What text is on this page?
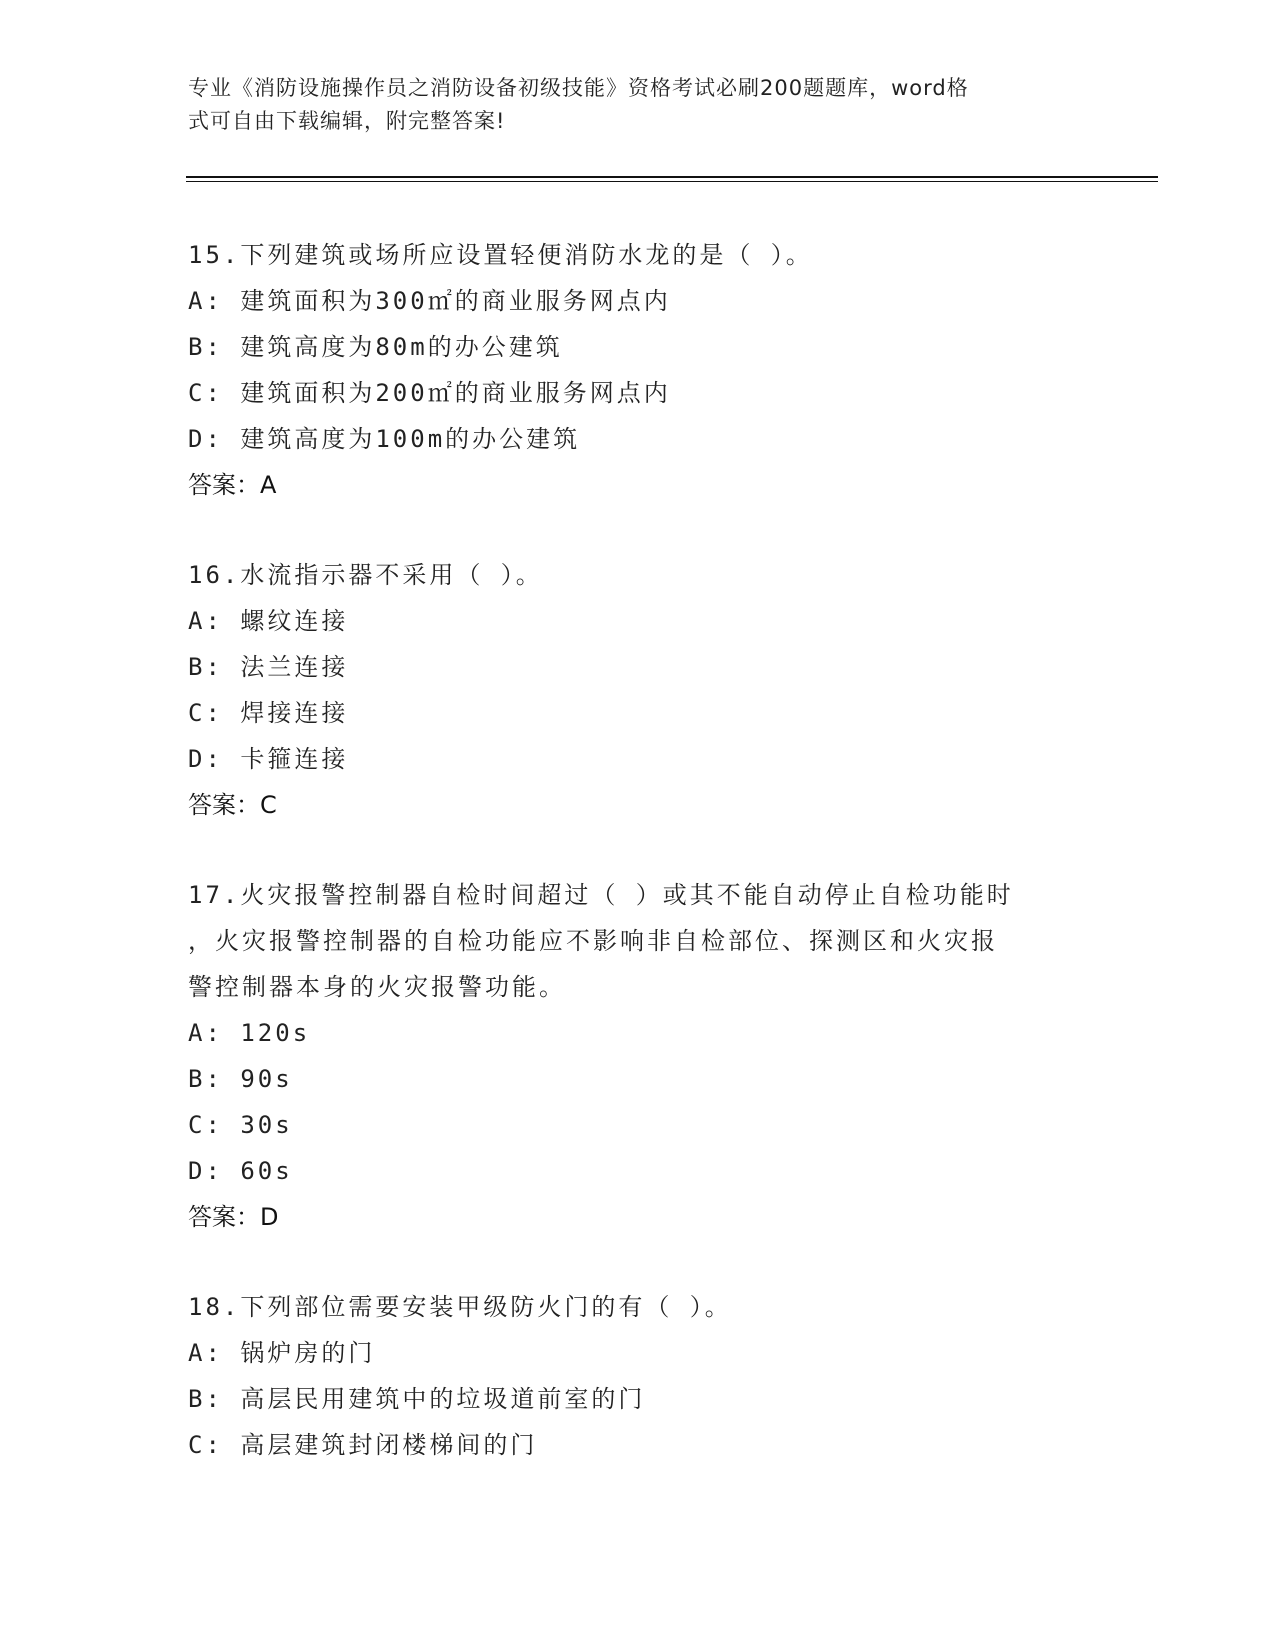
专业《消防设施操作员之消防设备初级技能》资格考试必刷200题题库，word格
式可自由下载编辑，附完整答案!
15.下列建筑或场所应设置轻便消防水龙的是（ ）。
A: 建筑面积为300㎡的商业服务网点内
B: 建筑高度为80m的办公建筑
C: 建筑面积为200㎡的商业服务网点内
D: 建筑高度为100m的办公建筑
答案：A
16.水流指示器不采用（ ）。
A: 螺纹连接
B: 法兰连接
C: 焊接连接
D: 卡箍连接
答案：C
17.火灾报警控制器自检时间超过（ ）或其不能自动停止自检功能时
，火灾报警控制器的自检功能应不影响非自检部位、探测区和火灾报
警控制器本身的火灾报警功能。
A: 120s
B: 90s
C: 30s
D: 60s
答案：D
18.下列部位需要安装甲级防火门的有（ ）。
A: 锅炉房的门
B: 高层民用建筑中的垃圾道前室的门
C: 高层建筑封闭楼梯间的门
